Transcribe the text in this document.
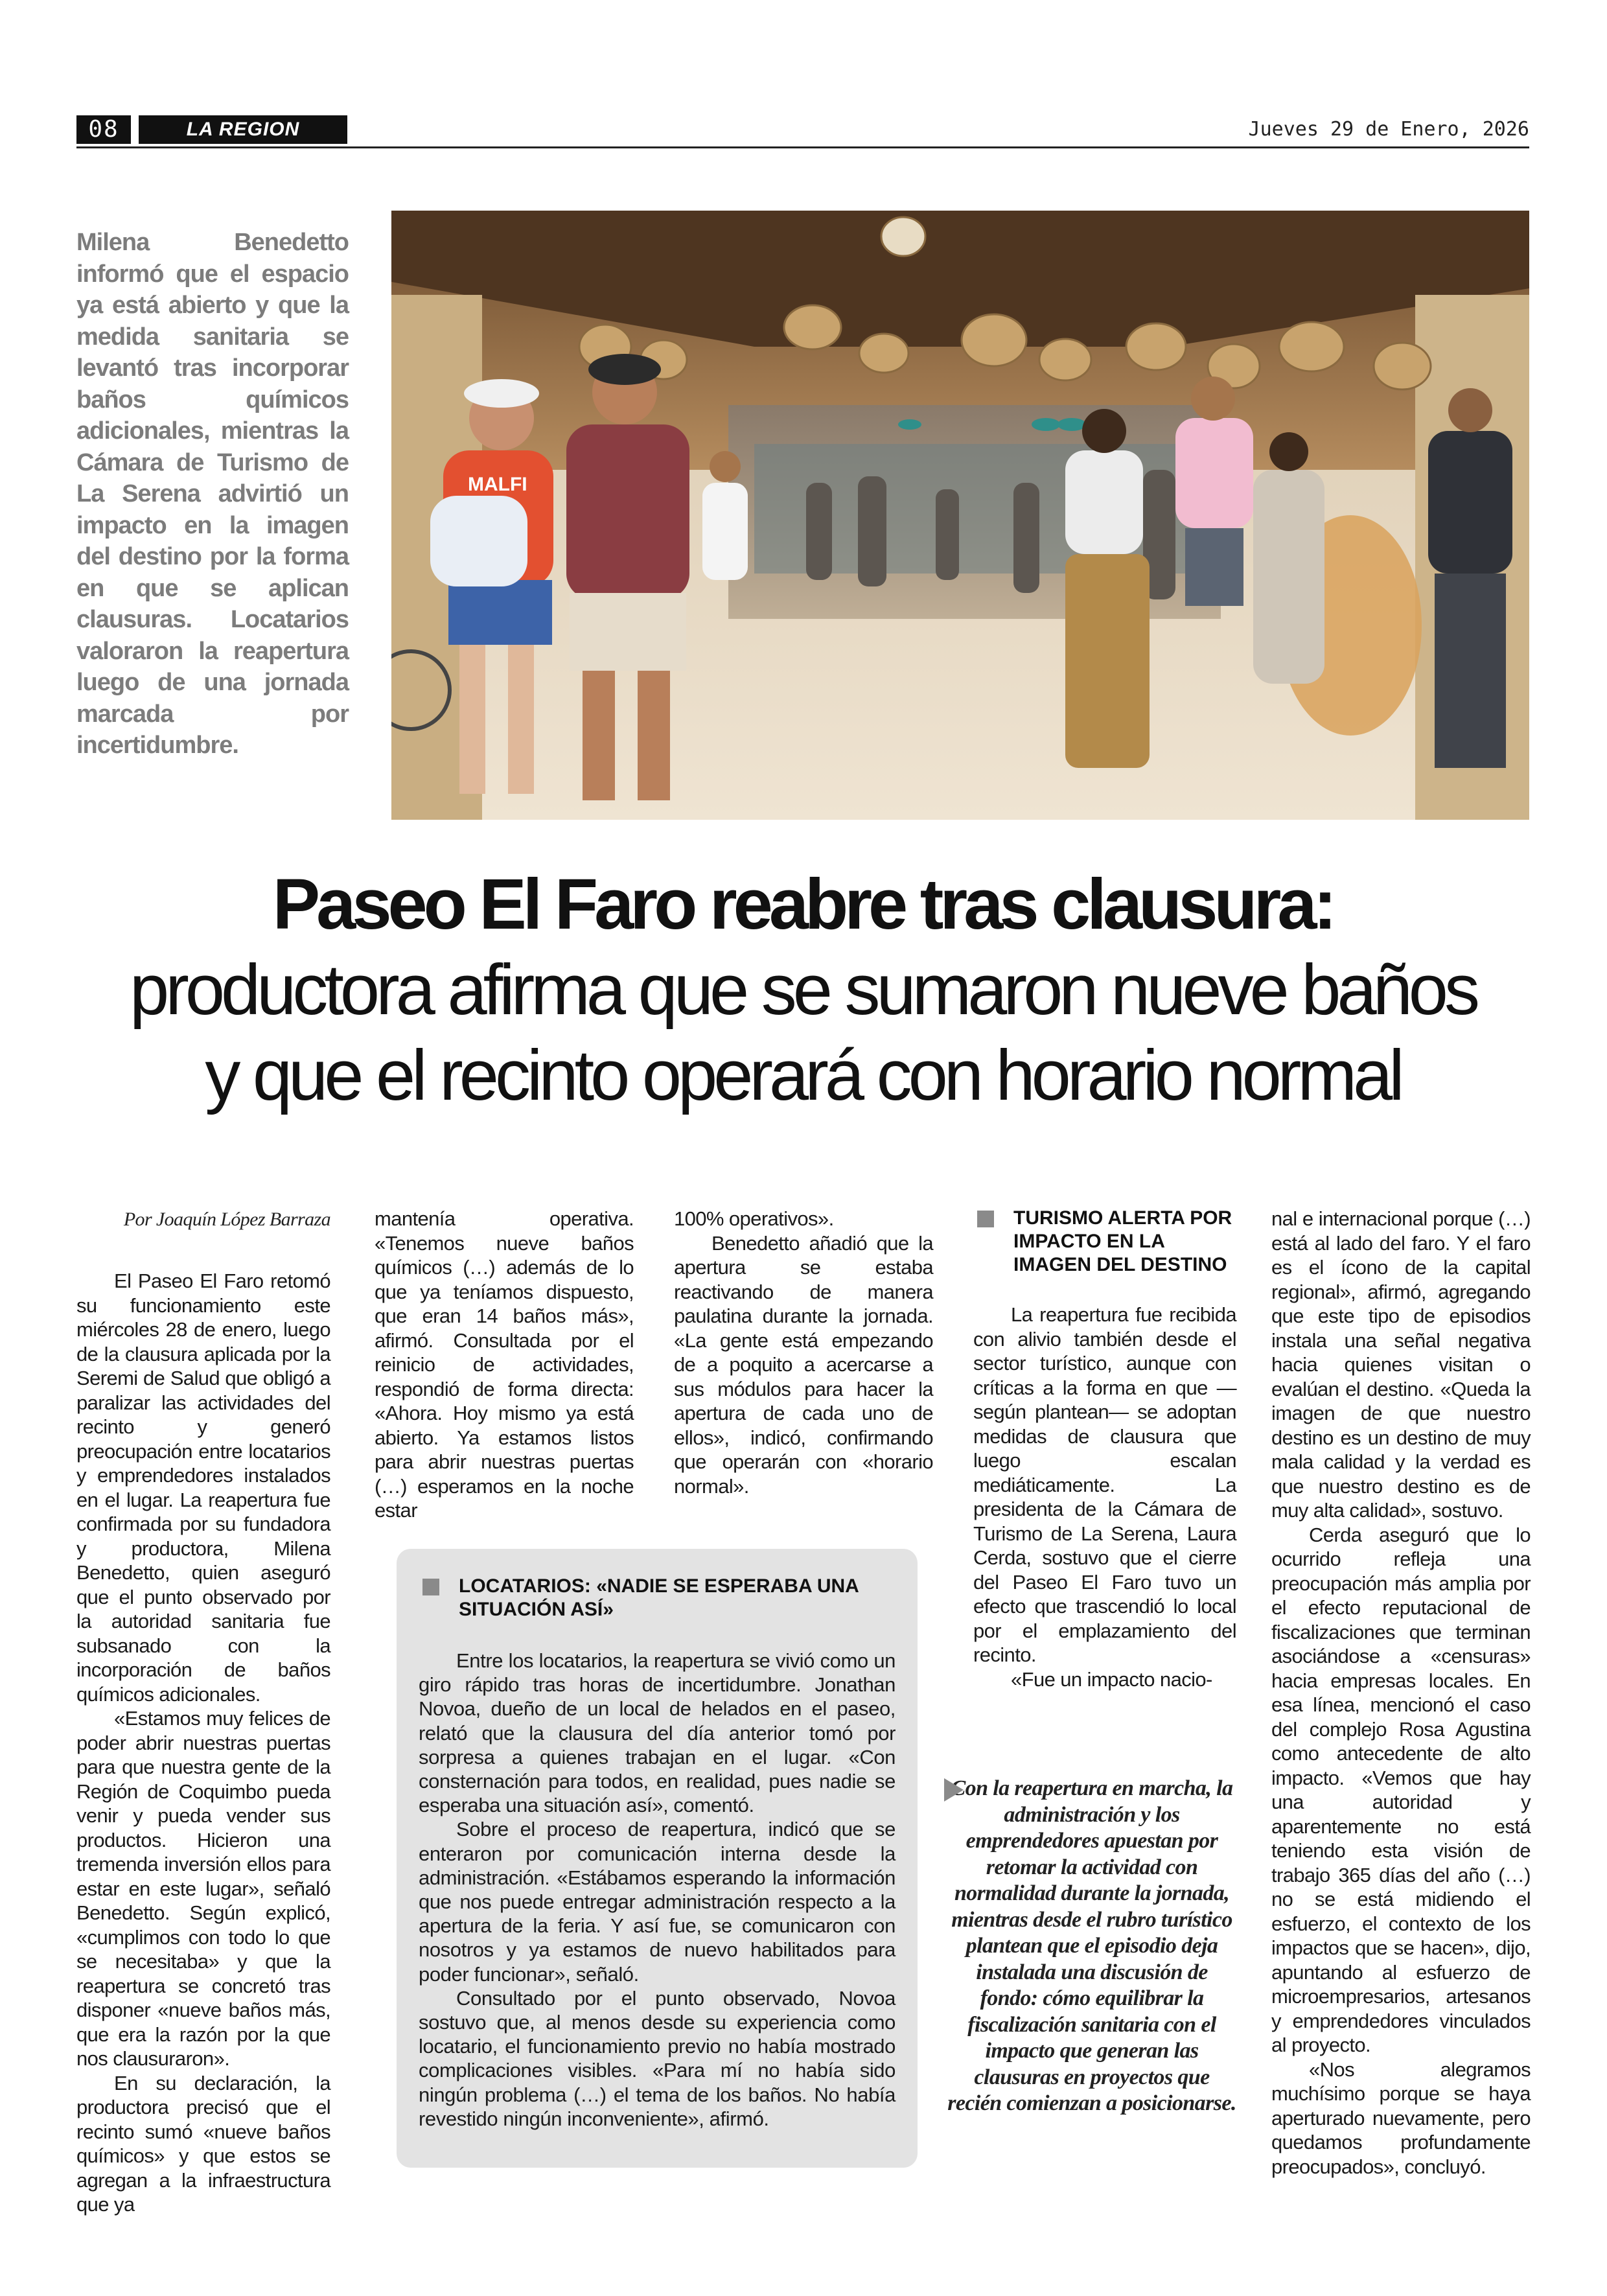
08	LA REGION	Jueves 29 de Enero, 2026
Milena Benedetto informó que el espacio ya está abierto y que la medida sanitaria se levantó tras incorporar baños químicos adicionales, mientras la Cámara de Turismo de La Serena advirtió un impacto en la imagen del destino por la forma en que se aplican clausuras. Locatarios valoraron la reapertura luego de una jornada marcada por incertidumbre.
MALFI
Paseo El Faro reabre tras clausura:
productora afirma que se sumaron nueve baños
y que el recinto operará con horario normal
Por Joaquín López Barraza

El Paseo El Faro retomó su funcionamiento este miércoles 28 de enero, luego de la clausura aplicada por la Seremi de Salud que obligó a paralizar las actividades del recinto y generó preocupación entre locatarios y emprendedores instalados en el lugar. La reapertura fue confirmada por su fundadora y productora, Milena Benedetto, quien aseguró que el punto observado por la autoridad sanitaria fue subsanado con la incorporación de baños químicos adicionales.

«Estamos muy felices de poder abrir nuestras puertas para que nuestra gente de la Región de Coquimbo pueda venir y pueda vender sus productos. Hicieron una tremenda inversión ellos para estar en este lugar», señaló Benedetto. Según explicó, «cumplimos con todo lo que se necesitaba» y que la reapertura se concretó tras disponer «nueve baños más, que era la razón por la que nos clausuraron».

En su declaración, la productora precisó que el recinto sumó «nueve baños químicos» y que estos se agregan a la infraestructura que ya

mantenía operativa. «Tenemos nueve baños químicos (…) además de lo que ya teníamos dispuesto, que eran 14 baños más», afirmó. Consultada por el reinicio de actividades, respondió de forma directa: «Ahora. Hoy mismo ya está abierto. Ya estamos listos para abrir nuestras puertas (…) esperamos en la noche estar

100% operativos».

Benedetto añadió que la apertura se estaba reactivando de manera paulatina durante la jornada. «La gente está empezando de a poquito a acercarse a sus módulos para hacer la apertura de cada uno de ellos», indicó, confirmando que operarán con «horario normal».

TURISMO ALERTA POR IMPACTO EN LA IMAGEN DEL DESTINO

La reapertura fue recibida con alivio también desde el sector turístico, aunque con críticas a la forma en que —según plantean— se adoptan medidas de clausura que luego escalan mediáticamente. La presidenta de la Cámara de Turismo de La Serena, Laura Cerda, sostuvo que el cierre del Paseo El Faro tuvo un efecto que trascendió lo local por el emplazamiento del recinto.

«Fue un impacto nacio-

nal e internacional porque (…) está al lado del faro. Y el faro es el ícono de la capital regional», afirmó, agregando que este tipo de episodios instala una señal negativa hacia quienes visitan o evalúan el destino. «Queda la imagen de que nuestro destino es un destino de muy mala calidad y la verdad es que nuestro destino es de muy alta calidad», sostuvo.

Cerda aseguró que lo ocurrido refleja una preocupación más amplia por el efecto reputacional de fiscalizaciones que terminan asociándose a «censuras» hacia empresas locales. En esa línea, mencionó el caso del complejo Rosa Agustina como antecedente de alto impacto. «Vemos que hay una autoridad y aparentemente no está teniendo esta visión de trabajo 365 días del año (…) no se está midiendo el esfuerzo, el contexto de los impactos que se hacen», dijo, apuntando al esfuerzo de microempresarios, artesanos y emprendedores vinculados al proyecto.

«Nos alegramos muchísimo porque se haya aperturado nuevamente, pero quedamos profundamente preocupados», concluyó.

LOCATARIOS: «NADIE SE ESPERABA UNA SITUACIÓN ASÍ»

Entre los locatarios, la reapertura se vivió como un giro rápido tras horas de incertidumbre. Jonathan Novoa, dueño de un local de helados en el paseo, relató que la clausura del día anterior tomó por sorpresa a quienes trabajan en el lugar. «Con consternación para todos, en realidad, pues nadie se esperaba una situación así», comentó.

Sobre el proceso de reapertura, indicó que se enteraron por comunicación interna desde la administración. «Estábamos esperando la información que nos puede entregar administración respecto a la apertura de la feria. Y así fue, se comunicaron con nosotros y ya estamos de nuevo habilitados para poder funcionar», señaló.

Consultado por el punto observado, Novoa sostuvo que, al menos desde su experiencia como locatario, el funcionamiento previo no había mostrado complicaciones visibles. «Para mí no había sido ningún problema (…) el tema de los baños. No había revestido ningún inconveniente», afirmó.

Con la reapertura en marcha, la administración y los emprendedores apuestan por retomar la actividad con normalidad durante la jornada, mientras desde el rubro turístico plantean que el episodio deja instalada una discusión de fondo: cómo equilibrar la fiscalización sanitaria con el impacto que generan las clausuras en proyectos que recién comienzan a posicionarse.
